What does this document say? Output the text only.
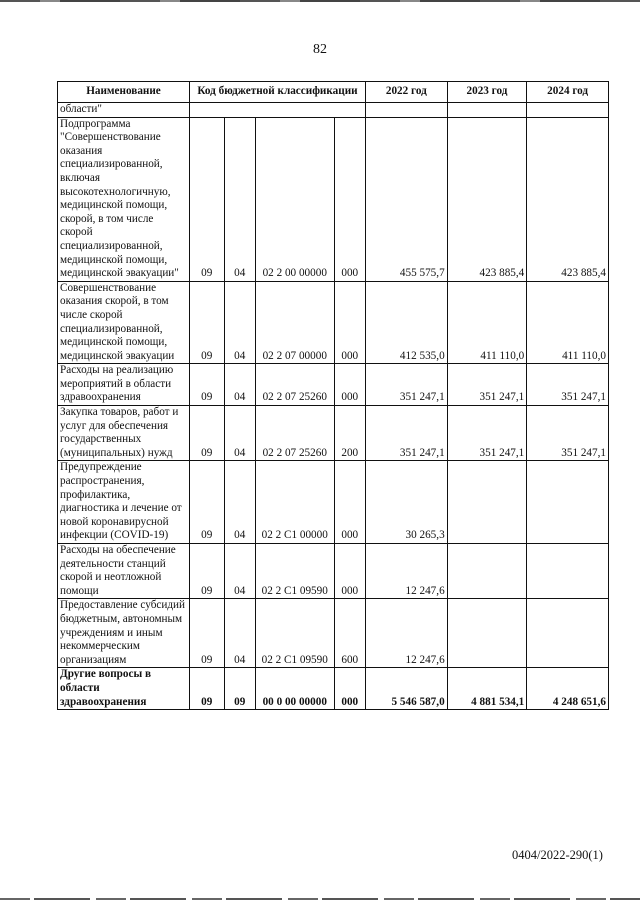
82
Наименование	Код бюджетной классификации				2022 год	2023 год	2024 год
области"							
Подпрограмма "Совершенствование оказания специализированной, включая высокотехнологичную, медицинской помощи, скорой, в том числе скорой специализированной, медицинской помощи, медицинской эвакуации"	09	04	02 2 00 00000	000	455 575,7	423 885,4	423 885,4
Совершенствование оказания скорой, в том числе скорой специализированной, медицинской помощи, медицинской эвакуации	09	04	02 2 07 00000	000	412 535,0	411 110,0	411 110,0
Расходы на реализацию мероприятий в области здравоохранения	09	04	02 2 07 25260	000	351 247,1	351 247,1	351 247,1
Закупка товаров, работ и услуг для обеспечения государственных (муниципальных) нужд	09	04	02 2 07 25260	200	351 247,1	351 247,1	351 247,1
Предупреждение распространения, профилактика, диагностика и лечение от новой коронавирусной инфекции (COVID-19)	09	04	02 2 C1 00000	000	30 265,3		
Расходы на обеспечение деятельности станций скорой и неотложной помощи	09	04	02 2 C1 09590	000	12 247,6		
Предоставление субсидий бюджетным, автономным учреждениям и иным некоммерческим организациям	09	04	02 2 C1 09590	600	12 247,6		
Другие вопросы в области здравоохранения	09	09	00 0 00 00000	000	5 546 587,0	4 881 534,1	4 248 651,6
0404/2022-290(1)
